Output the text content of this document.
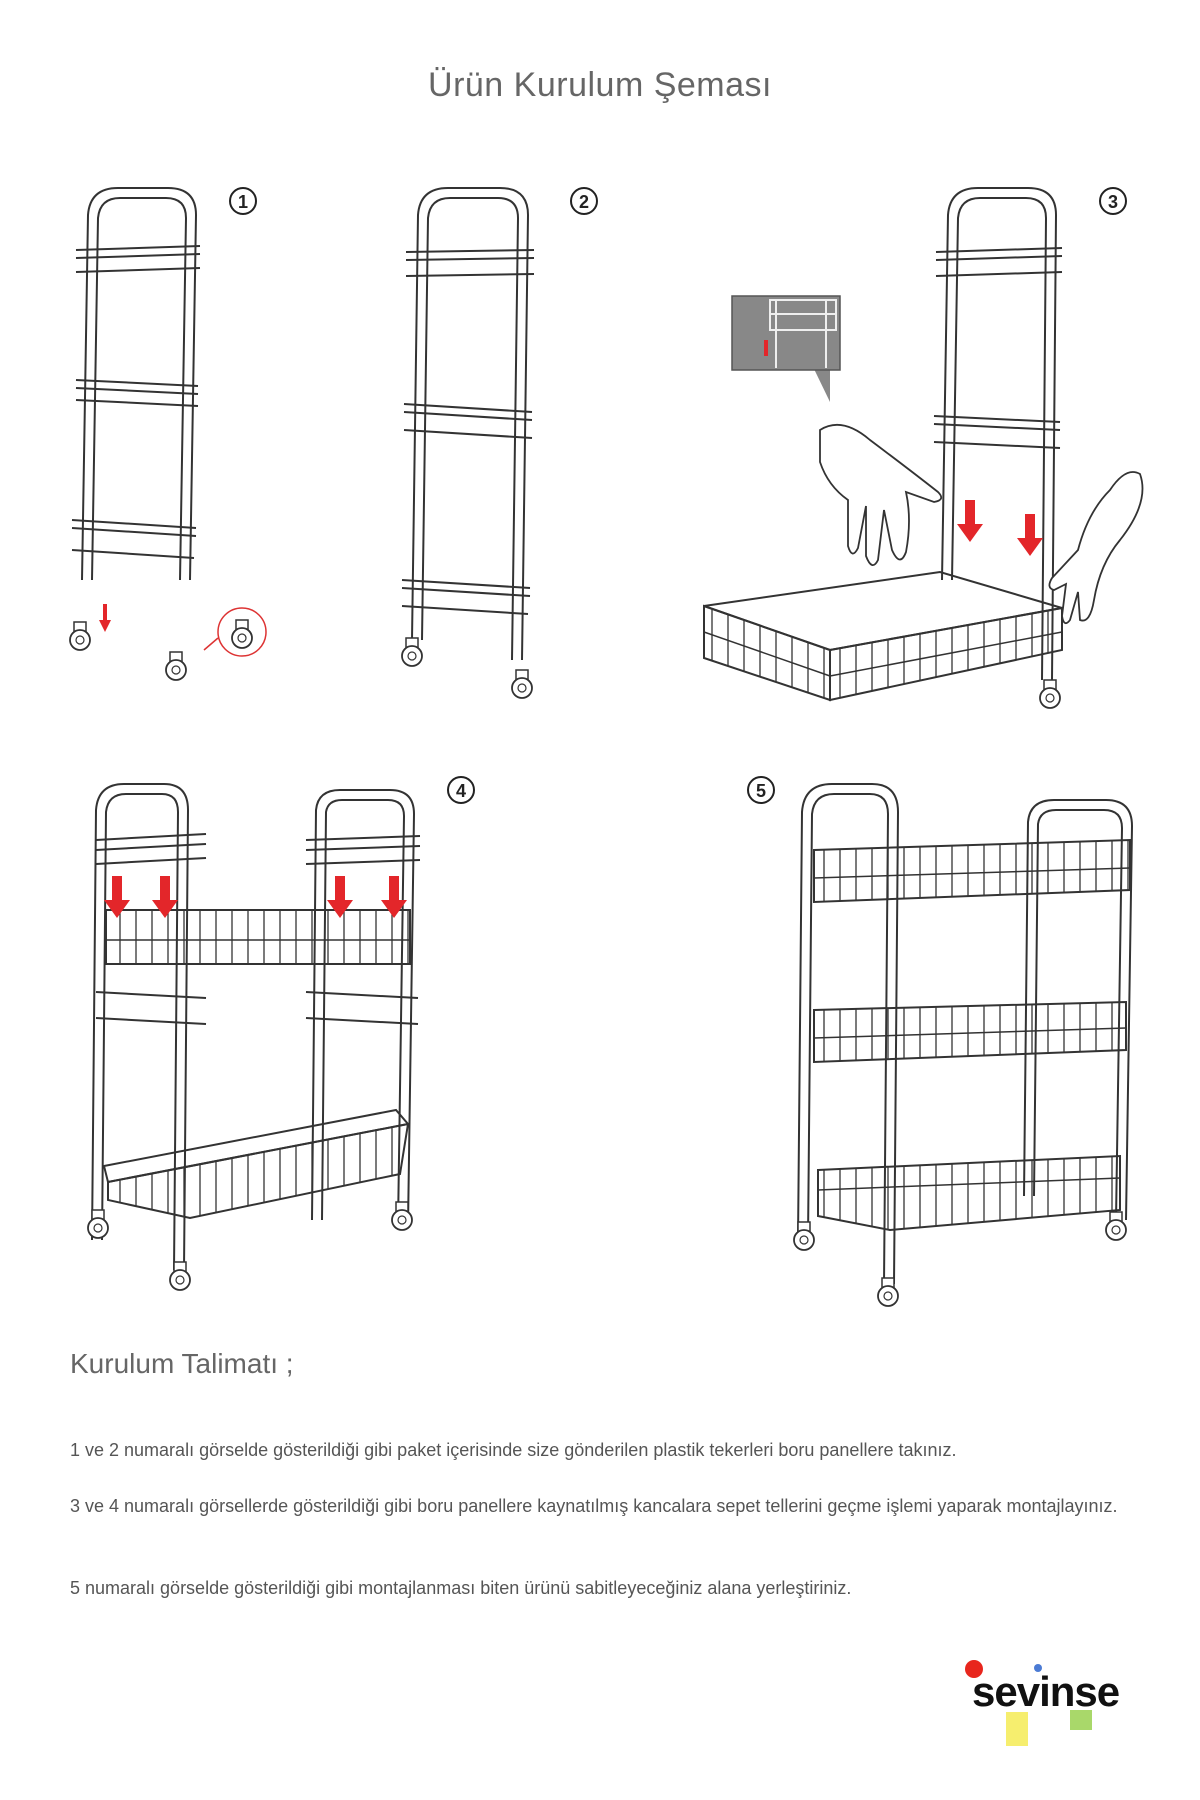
Ürün Kurulum Şeması
1	2	3
4	5
Kurulum Talimatı ;

1 ve 2 numaralı görselde gösterildiği gibi paket içerisinde size gönderilen plastik tekerleri boru panellere takınız.

3 ve 4 numaralı görsellerde gösterildiği gibi boru panellere kaynatılmış kancalara sepet tellerini geçme işlemi yaparak montajlayınız.

5 numaralı görselde gösterildiği gibi montajlanması biten ürünü sabitleyeceğiniz alana yerleştiriniz.

sevinse
